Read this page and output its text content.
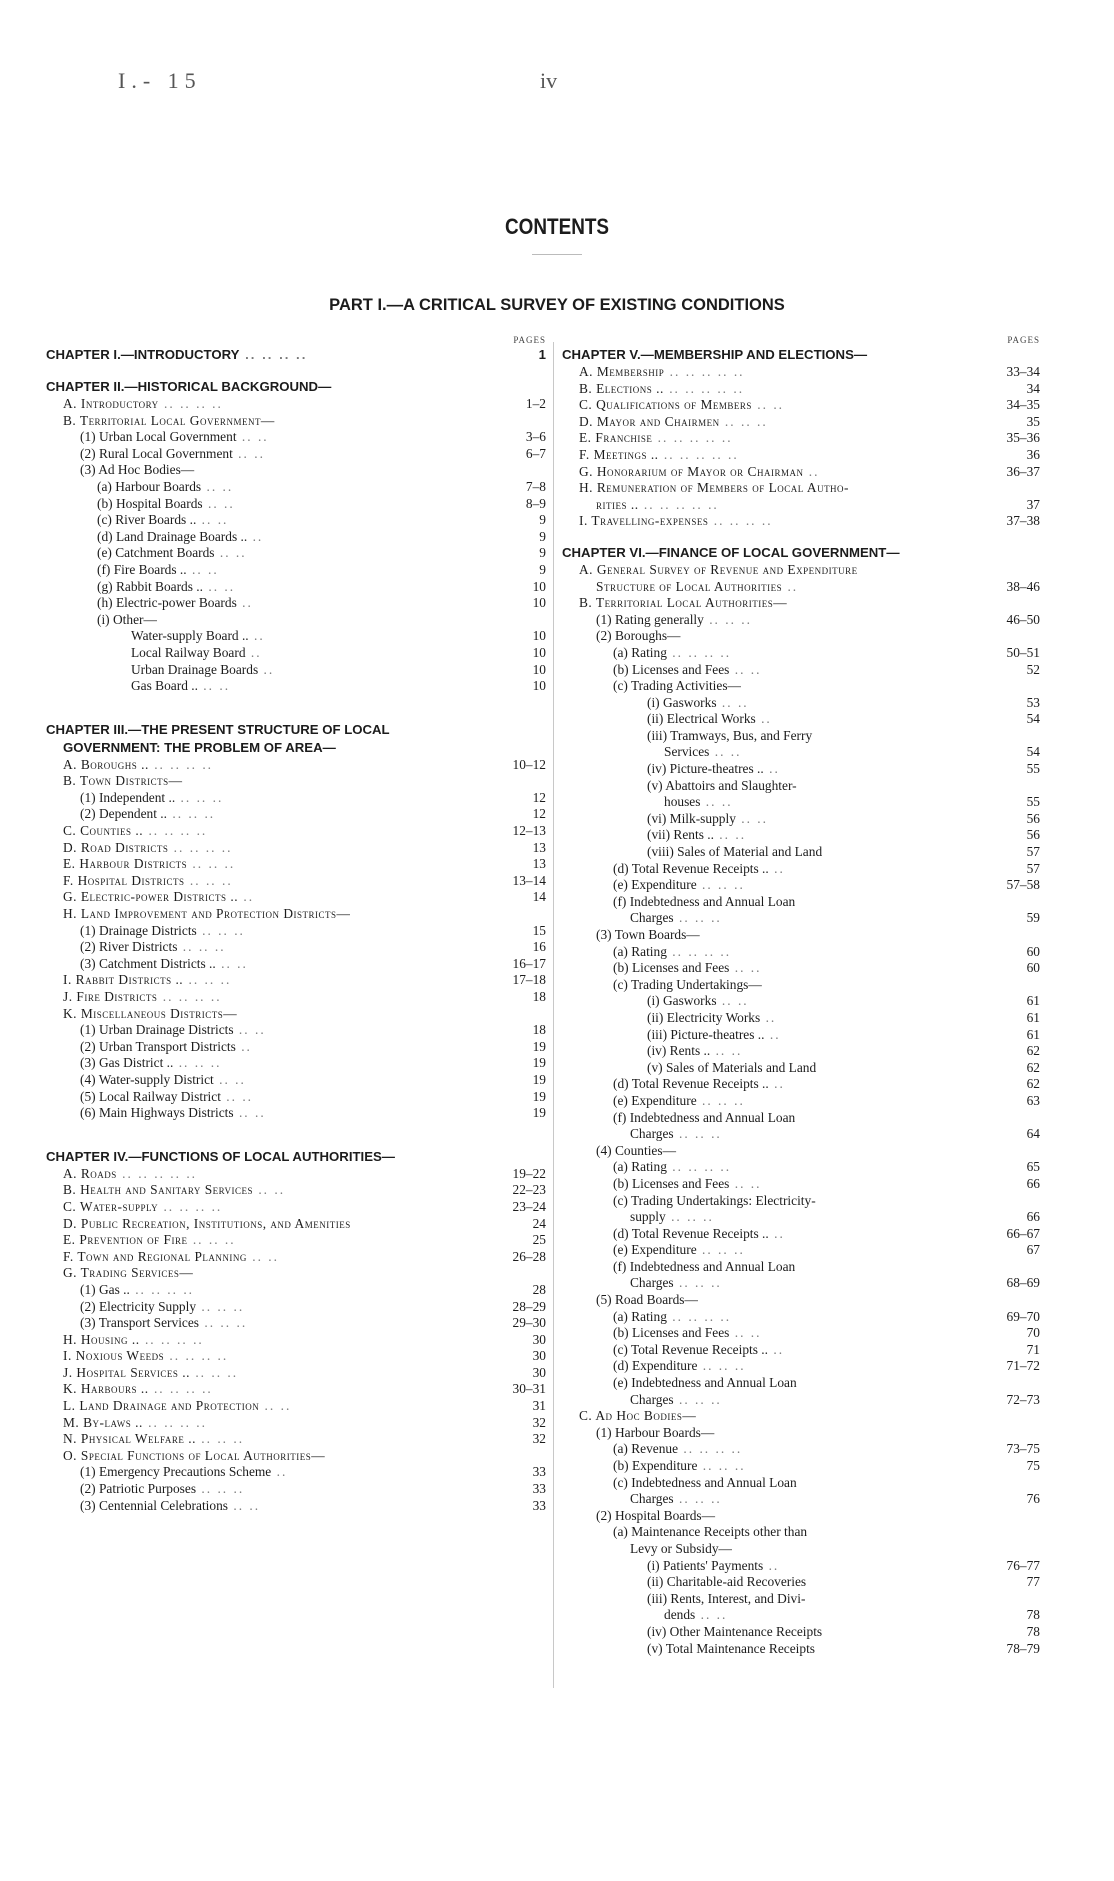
I.- 15	iv
CONTENTS
PART I.—A CRITICAL SURVEY OF EXISTING CONDITIONS
PAGES
CHAPTER I.—INTRODUCTORY .. .. .. ..	1
CHAPTER II.—HISTORICAL BACKGROUND—
A. Introductory .. .. .. ..	1–2
B. Territorial Local Government—
(1) Urban Local Government .. ..	3–6
(2) Rural Local Government .. ..	6–7
(3) Ad Hoc Bodies—
(a) Harbour Boards .. ..	7–8
(b) Hospital Boards .. ..	8–9
(c) River Boards .. .. ..	9
(d) Land Drainage Boards .. ..	9
(e) Catchment Boards .. ..	9
(f) Fire Boards .. .. ..	9
(g) Rabbit Boards .. .. ..	10
(h) Electric-power Boards ..	10
(i) Other—
Water-supply Board .. ..	10
Local Railway Board ..	10
Urban Drainage Boards ..	10
Gas Board .. .. ..	10
CHAPTER III.—THE PRESENT STRUCTURE OF LOCAL
GOVERNMENT: THE PROBLEM OF AREA—
A. Boroughs .. .. .. .. ..	10–12
B. Town Districts—
(1) Independent .. .. .. ..	12
(2) Dependent .. .. .. ..	12
C. Counties .. .. .. .. ..	12–13
D. Road Districts .. .. .. ..	13
E. Harbour Districts .. .. ..	13
F. Hospital Districts .. .. ..	13–14
G. Electric-power Districts .. ..	14
H. Land Improvement and Protection Districts—
(1) Drainage Districts .. .. ..	15
(2) River Districts .. .. ..	16
(3) Catchment Districts .. .. ..	16–17
I. Rabbit Districts .. .. .. ..	17–18
J. Fire Districts .. .. .. ..	18
K. Miscellaneous Districts—
(1) Urban Drainage Districts .. ..	18
(2) Urban Transport Districts ..	19
(3) Gas District .. .. .. ..	19
(4) Water-supply District .. ..	19
(5) Local Railway District .. ..	19
(6) Main Highways Districts .. ..	19
CHAPTER IV.—FUNCTIONS OF LOCAL AUTHORITIES—
A. Roads .. .. .. .. ..	19–22
B. Health and Sanitary Services .. ..	22–23
C. Water-supply .. .. .. ..	23–24
D. Public Recreation, Institutions, and Amenities	24
E. Prevention of Fire .. .. ..	25
F. Town and Regional Planning .. ..	26–28
G. Trading Services—
(1) Gas .. .. .. .. ..	28
(2) Electricity Supply .. .. ..	28–29
(3) Transport Services .. .. ..	29–30
H. Housing .. .. .. .. ..	30
I. Noxious Weeds .. .. .. ..	30
J. Hospital Services .. .. .. ..	30
K. Harbours .. .. .. .. ..	30–31
L. Land Drainage and Protection .. ..	31
M. By-laws .. .. .. .. ..	32
N. Physical Welfare .. .. .. ..	32
O. Special Functions of Local Authorities—
(1) Emergency Precautions Scheme ..	33
(2) Patriotic Purposes .. .. ..	33
(3) Centennial Celebrations .. ..	33
PAGES
CHAPTER V.—MEMBERSHIP AND ELECTIONS—
A. Membership .. .. .. .. ..	33–34
B. Elections .. .. .. .. .. ..	34
C. Qualifications of Members .. ..	34–35
D. Mayor and Chairmen .. .. ..	35
E. Franchise .. .. .. .. ..	35–36
F. Meetings .. .. .. .. .. ..	36
G. Honorarium of Mayor or Chairman ..	36–37
H. Remuneration of Members of Local Autho-
rities .. .. .. .. .. ..	37
I. Travelling-expenses .. .. .. ..	37–38
CHAPTER VI.—FINANCE OF LOCAL GOVERNMENT—
A. General Survey of Revenue and Expenditure
Structure of Local Authorities ..	38–46
B. Territorial Local Authorities—
(1) Rating generally .. .. ..	46–50
(2) Boroughs—
(a) Rating .. .. .. ..	50–51
(b) Licenses and Fees .. ..	52
(c) Trading Activities—
(i) Gasworks .. ..	53
(ii) Electrical Works ..	54
(iii) Tramways, Bus, and Ferry
Services .. ..	54
(iv) Picture-theatres .. ..	55
(v) Abattoirs and Slaughter-
houses .. ..	55
(vi) Milk-supply .. ..	56
(vii) Rents .. .. ..	56
(viii) Sales of Material and Land	57
(d) Total Revenue Receipts .. ..	57
(e) Expenditure .. .. ..	57–58
(f) Indebtedness and Annual Loan
Charges .. .. ..	59
(3) Town Boards—
(a) Rating .. .. .. ..	60
(b) Licenses and Fees .. ..	60
(c) Trading Undertakings—
(i) Gasworks .. ..	61
(ii) Electricity Works ..	61
(iii) Picture-theatres .. ..	61
(iv) Rents .. .. ..	62
(v) Sales of Materials and Land	62
(d) Total Revenue Receipts .. ..	62
(e) Expenditure .. .. ..	63
(f) Indebtedness and Annual Loan
Charges .. .. ..	64
(4) Counties—
(a) Rating .. .. .. ..	65
(b) Licenses and Fees .. ..	66
(c) Trading Undertakings: Electricity-
supply .. .. ..	66
(d) Total Revenue Receipts .. ..	66–67
(e) Expenditure .. .. ..	67
(f) Indebtedness and Annual Loan
Charges .. .. ..	68–69
(5) Road Boards—
(a) Rating .. .. .. ..	69–70
(b) Licenses and Fees .. ..	70
(c) Total Revenue Receipts .. ..	71
(d) Expenditure .. .. ..	71–72
(e) Indebtedness and Annual Loan
Charges .. .. ..	72–73
C. Ad Hoc Bodies—
(1) Harbour Boards—
(a) Revenue .. .. .. ..	73–75
(b) Expenditure .. .. ..	75
(c) Indebtedness and Annual Loan
Charges .. .. ..	76
(2) Hospital Boards—
(a) Maintenance Receipts other than
Levy or Subsidy—
(i) Patients' Payments ..	76–77
(ii) Charitable-aid Recoveries	77
(iii) Rents, Interest, and Divi-
dends .. ..	78
(iv) Other Maintenance Receipts	78
(v) Total Maintenance Receipts	78–79
